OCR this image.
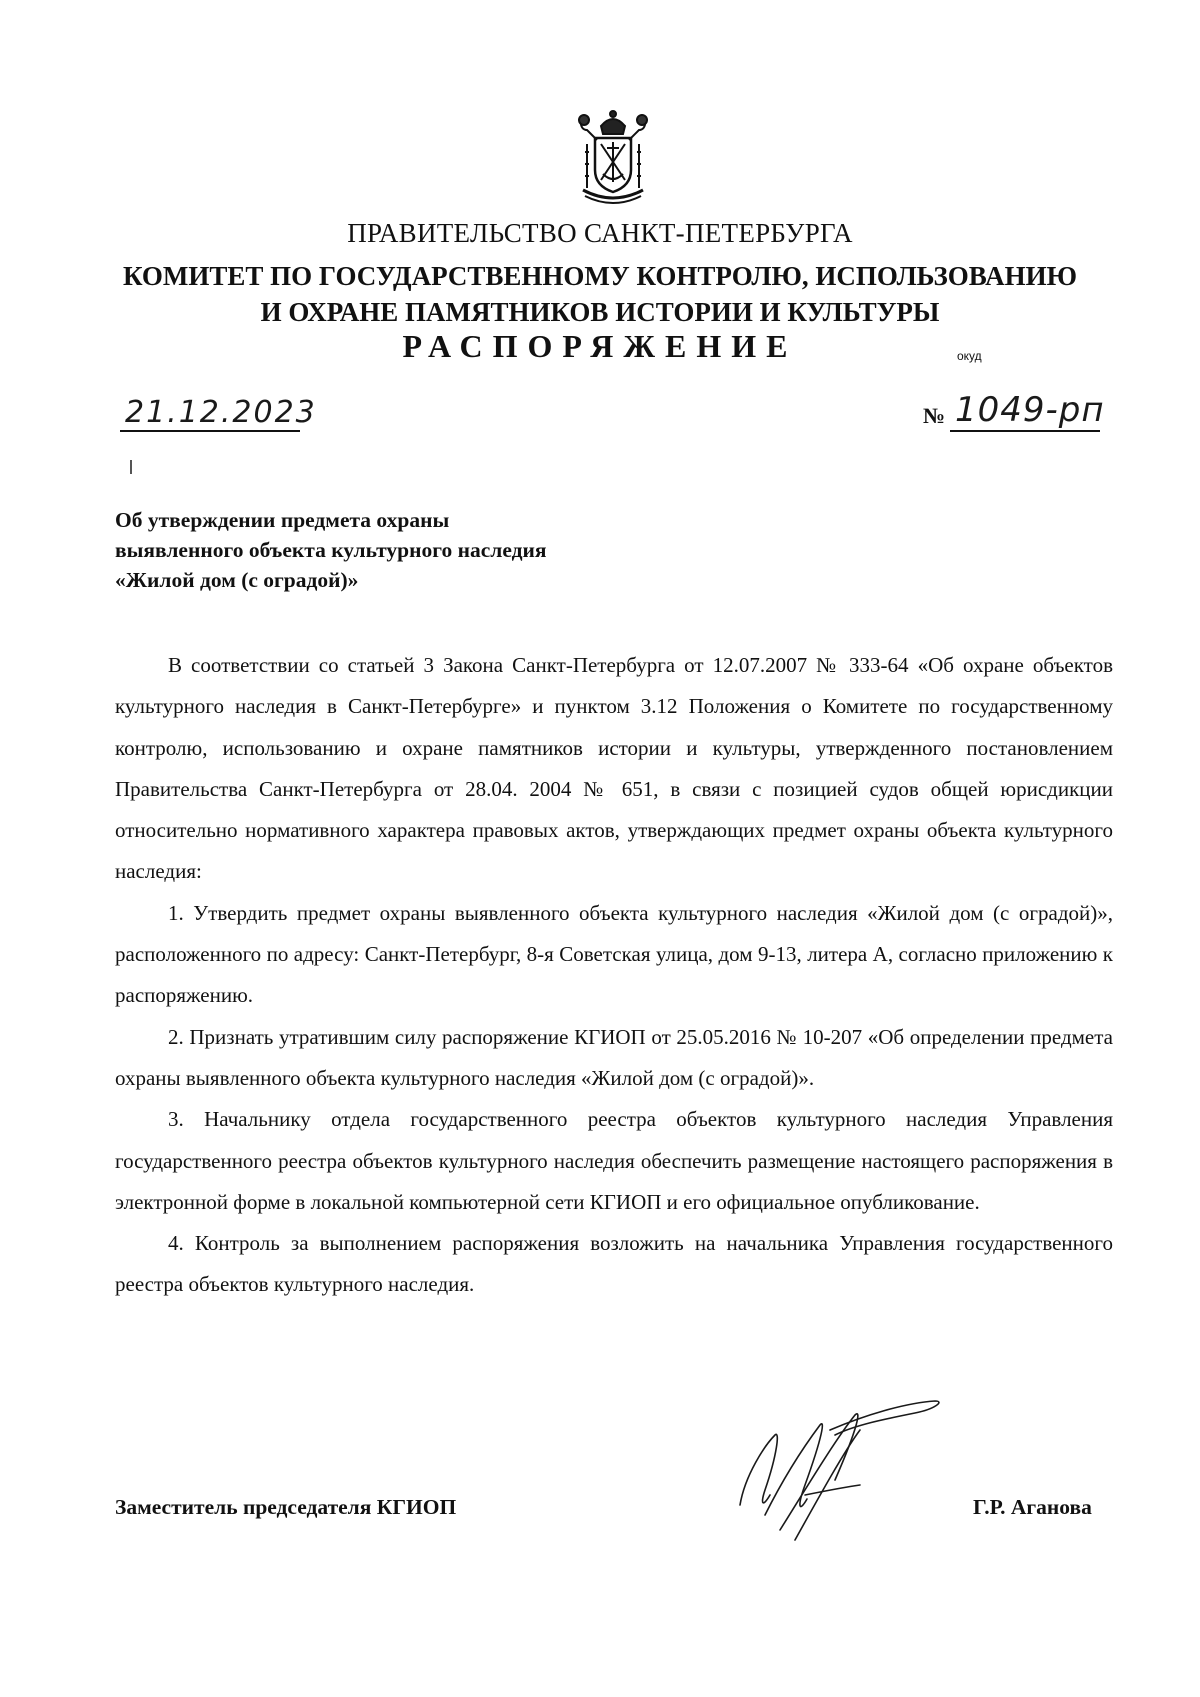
ПРАВИТЕЛЬСТВО САНКТ-ПЕТЕРБУРГА
КОМИТЕТ ПО ГОСУДАРСТВЕННОМУ КОНТРОЛЮ, ИСПОЛЬЗОВАНИЮ
И ОХРАНЕ ПАМЯТНИКОВ ИСТОРИИ И КУЛЬТУРЫ
РАСПОРЯЖЕНИЕ	окуд
21.12.2023	№ 1049-рп
Об утверждении предмета охраны
выявленного объекта культурного наследия
«Жилой дом (с оградой)»

В соответствии со статьей 3 Закона Санкт-Петербурга от 12.07.2007 № 333-64 «Об охране объектов культурного наследия в Санкт-Петербурге» и пунктом 3.12 Положения о Комитете по государственному контролю, использованию и охране памятников истории и культуры, утвержденного постановлением Правительства Санкт-Петербурга от 28.04. 2004 № 651, в связи с позицией судов общей юрисдикции относительно нормативного характера правовых актов, утверждающих предмет охраны объекта культурного наследия:

1. Утвердить предмет охраны выявленного объекта культурного наследия «Жилой дом (с оградой)», расположенного по адресу: Санкт-Петербург, 8-я Советская улица, дом 9-13, литера А, согласно приложению к распоряжению.

2. Признать утратившим силу распоряжение КГИОП от 25.05.2016 № 10-207 «Об определении предмета охраны выявленного объекта культурного наследия «Жилой дом (с оградой)».

3. Начальнику отдела государственного реестра объектов культурного наследия Управления государственного реестра объектов культурного наследия обеспечить размещение настоящего распоряжения в электронной форме в локальной компьютерной сети КГИОП и его официальное опубликование.

4. Контроль за выполнением распоряжения возложить на начальника Управления государственного реестра объектов культурного наследия.

Заместитель председателя КГИОП	Г.Р. Аганова
